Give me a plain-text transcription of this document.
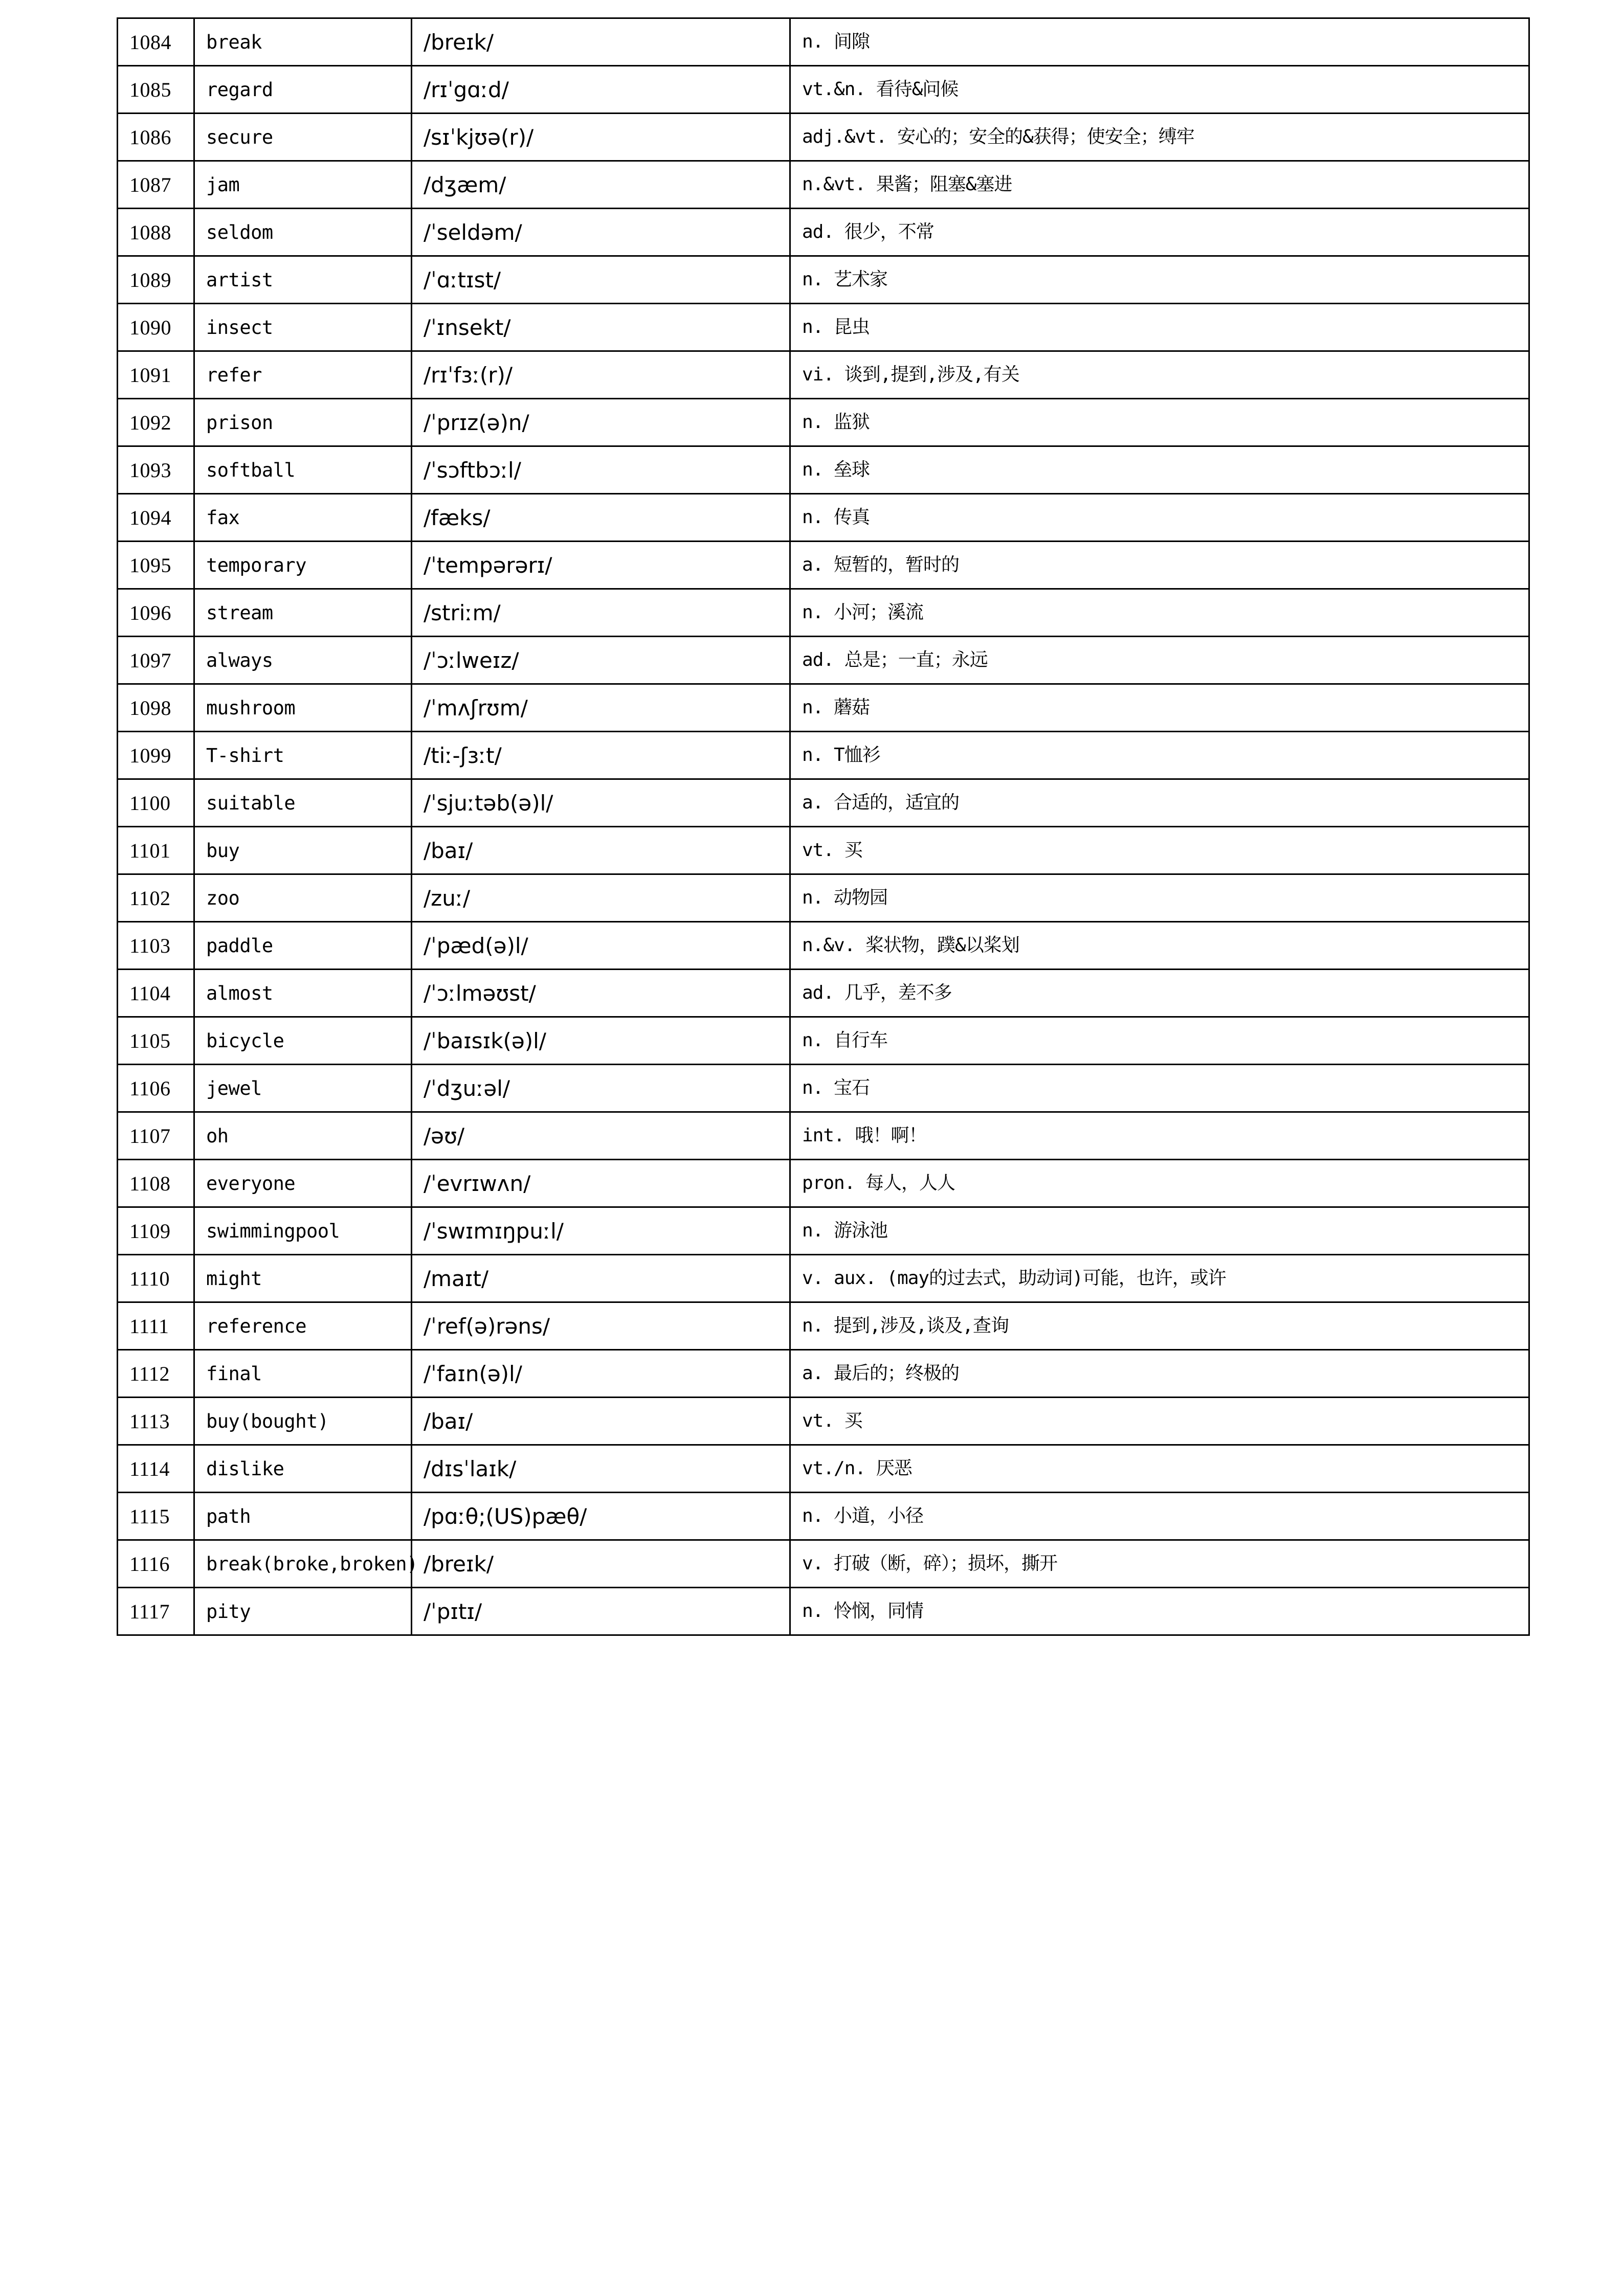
1084	break	/breɪk/	n. 间隙

1085	regard	/rɪˈgɑːd/	vt.&n. 看待&问候

1086	secure	/sɪˈkjʊə(r)/	adj.&vt. 安心的；安全的&获得；使安全；缚牢

1087	jam	/dʒæm/	n.&vt. 果酱；阻塞&塞进

1088	seldom	/ˈseldəm/	ad. 很少，不常

1089	artist	/ˈɑːtɪst/	n. 艺术家

1090	insect	/ˈɪnsekt/	n. 昆虫

1091	refer	/rɪˈfɜː(r)/	vi. 谈到,提到,涉及,有关

1092	prison	/ˈprɪz(ə)n/	n. 监狱

1093	softball	/ˈsɔftbɔːl/	n. 垒球

1094	fax	/fæks/	n. 传真

1095	temporary	/ˈtempərərɪ/	a. 短暂的，暂时的

1096	stream	/striːm/	n. 小河；溪流

1097	always	/ˈɔːlweɪz/	ad. 总是；一直；永远

1098	mushroom	/ˈmʌʃrʊm/	n. 蘑菇

1099	T-shirt	/tiː-ʃɜːt/	n. T恤衫

1100	suitable	/ˈsjuːtəb(ə)l/	a. 合适的，适宜的

1101	buy	/baɪ/	vt. 买

1102	zoo	/zuː/	n. 动物园

1103	paddle	/ˈpæd(ə)l/	n.&v. 桨状物，蹼&以桨划

1104	almost	/ˈɔːlməʊst/	ad. 几乎，差不多

1105	bicycle	/ˈbaɪsɪk(ə)l/	n. 自行车

1106	jewel	/ˈdʒuːəl/	n. 宝石

1107	oh	/əʊ/	int. 哦！啊！

1108	everyone	/ˈevrɪwʌn/	pron. 每人，人人

1109	swimmingpool	/ˈswɪmɪŋpuːl/	n. 游泳池

1110	might	/maɪt/	v. aux. (may的过去式，助动词)可能，也许，或许

1111	reference	/ˈref(ə)rəns/	n. 提到,涉及,谈及,查询

1112	final	/ˈfaɪn(ə)l/	a. 最后的；终极的

1113	buy(bought)	/baɪ/	vt. 买

1114	dislike	/dɪsˈlaɪk/	vt./n. 厌恶

1115	path	/pɑːθ;(US)pæθ/	n. 小道，小径

1116	break(broke,broken)	/breɪk/	v. 打破（断，碎）；损坏，撕开

1117	pity	/ˈpɪtɪ/	n. 怜悯，同情
